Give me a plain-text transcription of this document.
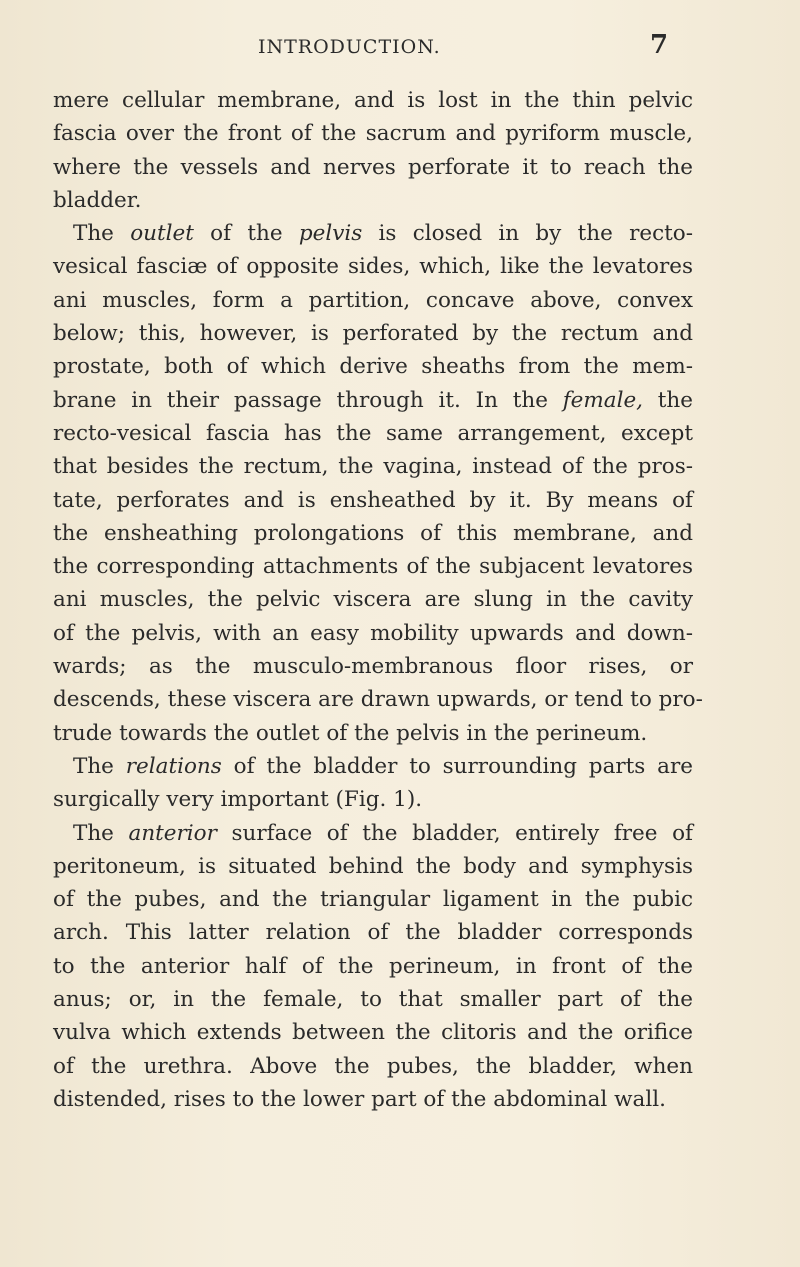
INTRODUCTION.	7
mere cellular membrane, and is lost in the thin pelvic
fascia over the front of the sacrum and pyriform muscle,
where the vessels and nerves perforate it to reach the
bladder.
The outlet of the pelvis is closed in by the recto-
vesical fasciæ of opposite sides, which, like the levatores
ani muscles, form a partition, concave above, convex
below; this, however, is perforated by the rectum and
prostate, both of which derive sheaths from the mem-
brane in their passage through it. In the female, the
recto-vesical fascia has the same arrangement, except
that besides the rectum, the vagina, instead of the pros-
tate, perforates and is ensheathed by it. By means of
the ensheathing prolongations of this membrane, and
the corresponding attachments of the subjacent levatores
ani muscles, the pelvic viscera are slung in the cavity
of the pelvis, with an easy mobility upwards and down-
wards; as the musculo-membranous floor rises, or
descends, these viscera are drawn upwards, or tend to pro-
trude towards the outlet of the pelvis in the perineum.
The relations of the bladder to surrounding parts are
surgically very important (Fig. 1).
The anterior surface of the bladder, entirely free of
peritoneum, is situated behind the body and symphysis
of the pubes, and the triangular ligament in the pubic
arch. This latter relation of the bladder corresponds
to the anterior half of the perineum, in front of the
anus; or, in the female, to that smaller part of the
vulva which extends between the clitoris and the orifice
of the urethra. Above the pubes, the bladder, when
distended, rises to the lower part of the abdominal wall.
